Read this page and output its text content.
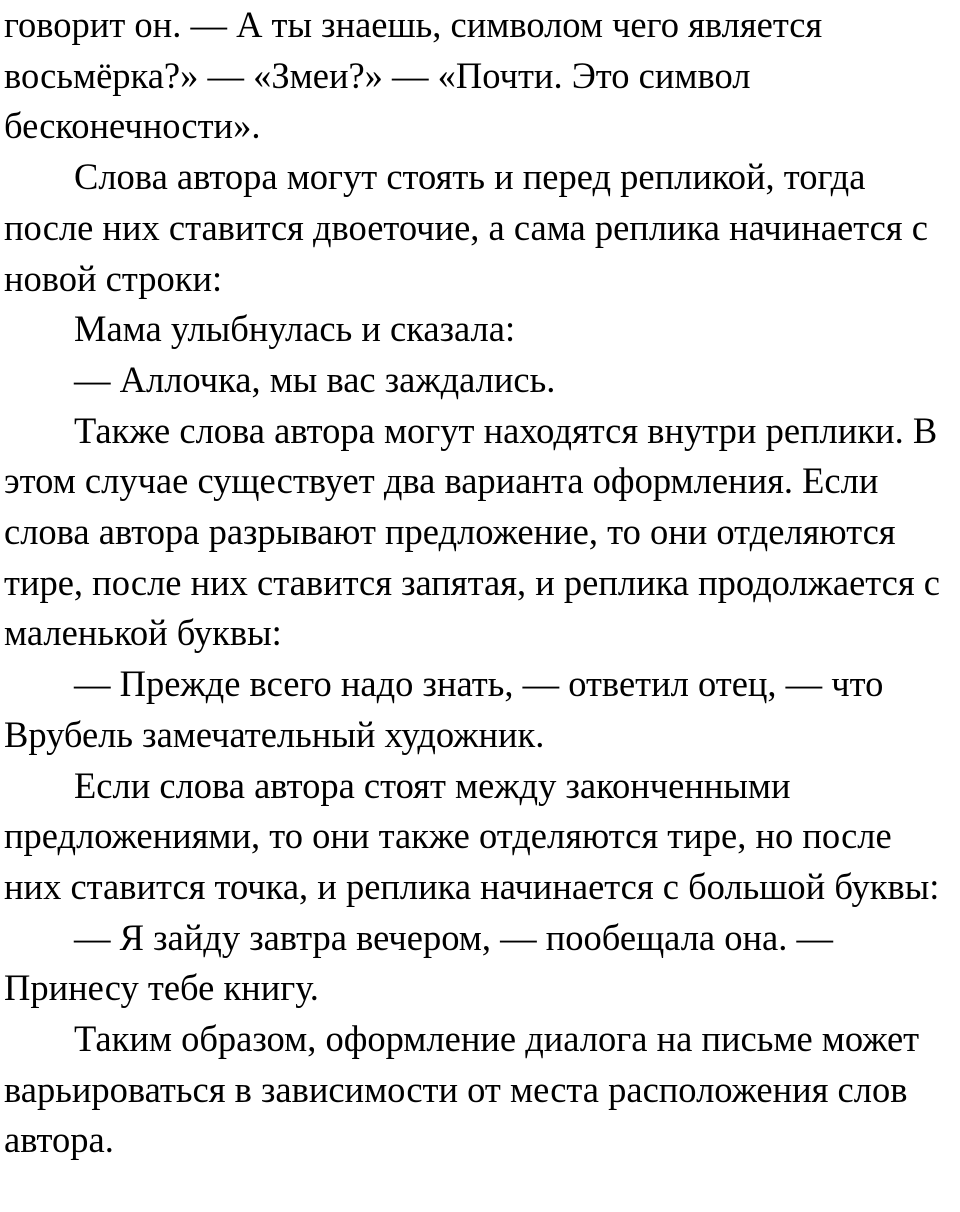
говорит он. — А ты знаешь, символом чего является восьмёрка?» — «Змеи?» — «Почти. Это символ бесконечности».

Слова автора могут стоять и перед репликой, тогда после них ставится двоеточие, а сама реплика начинается с новой строки:

Мама улыбнулась и сказала:

— Аллочка, мы вас заждались.

Также слова автора могут находятся внутри реплики. В этом случае существует два варианта оформления. Если слова автора разрывают предложение, то они отделяются тире, после них ставится запятая, и реплика продолжается с маленькой буквы:

— Прежде всего надо знать, — ответил отец, — что Врубель замечательный художник.

Если слова автора стоят между законченными предложениями, то они также отделяются тире, но после них ставится точка, и реплика начинается с большой буквы:

— Я зайду завтра вечером, — пообещала она. — Принесу тебе книгу.

Таким образом, оформление диалога на письме может варьироваться в зависимости от места расположения слов автора.
